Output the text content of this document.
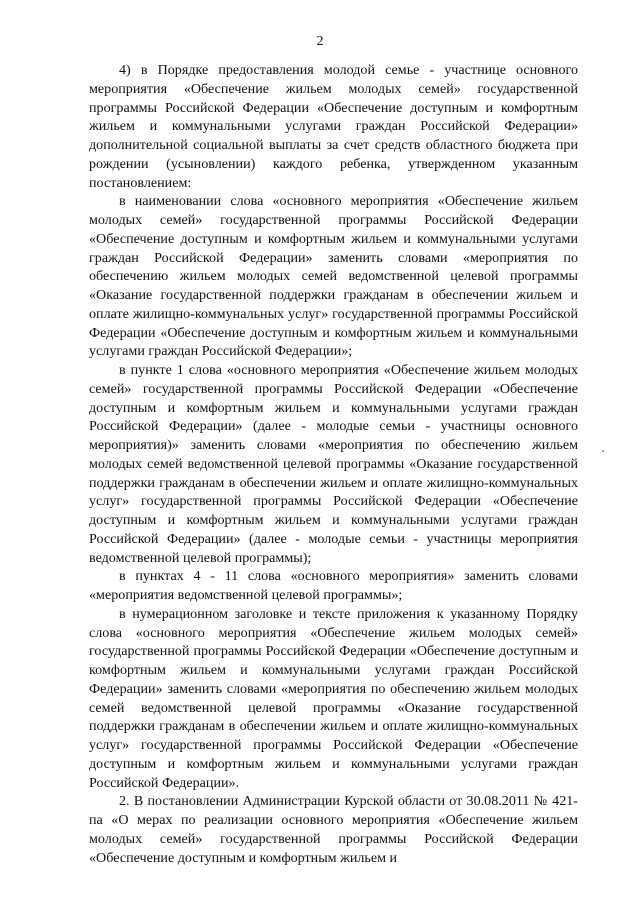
2

4) в Порядке предоставления молодой семье - участнице основного мероприятия «Обеспечение жильем молодых семей» государственной программы Российской Федерации «Обеспечение доступным и комфортным жильем и коммунальными услугами граждан Российской Федерации» дополнительной социальной выплаты за счет средств областного бюджета при рождении (усыновлении) каждого ребенка, утвержденном указанным постановлением:

в наименовании слова «основного мероприятия «Обеспечение жильем молодых семей» государственной программы Российской Федерации «Обеспечение доступным и комфортным жильем и коммунальными услугами граждан Российской Федерации» заменить словами «мероприятия по обеспечению жильем молодых семей ведомственной целевой программы «Оказание государственной поддержки гражданам в обеспечении жильем и оплате жилищно-коммунальных услуг» государственной программы Российской Федерации «Обеспечение доступным и комфортным жильем и коммунальными услугами граждан Российской Федерации»;

в пункте 1 слова «основного мероприятия «Обеспечение жильем молодых семей» государственной программы Российской Федерации «Обеспечение доступным и комфортным жильем и коммунальными услугами граждан Российской Федерации» (далее - молодые семьи - участницы основного мероприятия)» заменить словами «мероприятия по обеспечению жильем молодых семей ведомственной целевой программы «Оказание государственной поддержки гражданам в обеспечении жильем и оплате жилищно-коммунальных услуг» государственной программы Российской Федерации «Обеспечение доступным и комфортным жильем и коммунальными услугами граждан Российской Федерации» (далее - молодые семьи - участницы мероприятия ведомственной целевой программы);

в пунктах 4 - 11 слова «основного мероприятия» заменить словами «мероприятия ведомственной целевой программы»;

в нумерационном заголовке и тексте приложения к указанному Порядку слова «основного мероприятия «Обеспечение жильем молодых семей» государственной программы Российской Федерации «Обеспечение доступным и комфортным жильем и коммунальными услугами граждан Российской Федерации» заменить словами «мероприятия по обеспечению жильем молодых семей ведомственной целевой программы «Оказание государственной поддержки гражданам в обеспечении жильем и оплате жилищно-коммунальных услуг» государственной программы Российской Федерации «Обеспечение доступным и комфортным жильем и коммунальными услугами граждан Российской Федерации».

2. В постановлении Администрации Курской области от 30.08.2011 № 421-па «О мерах по реализации основного мероприятия «Обеспечение жильем молодых семей» государственной программы Российской Федерации «Обеспечение доступным и комфортным жильем и
